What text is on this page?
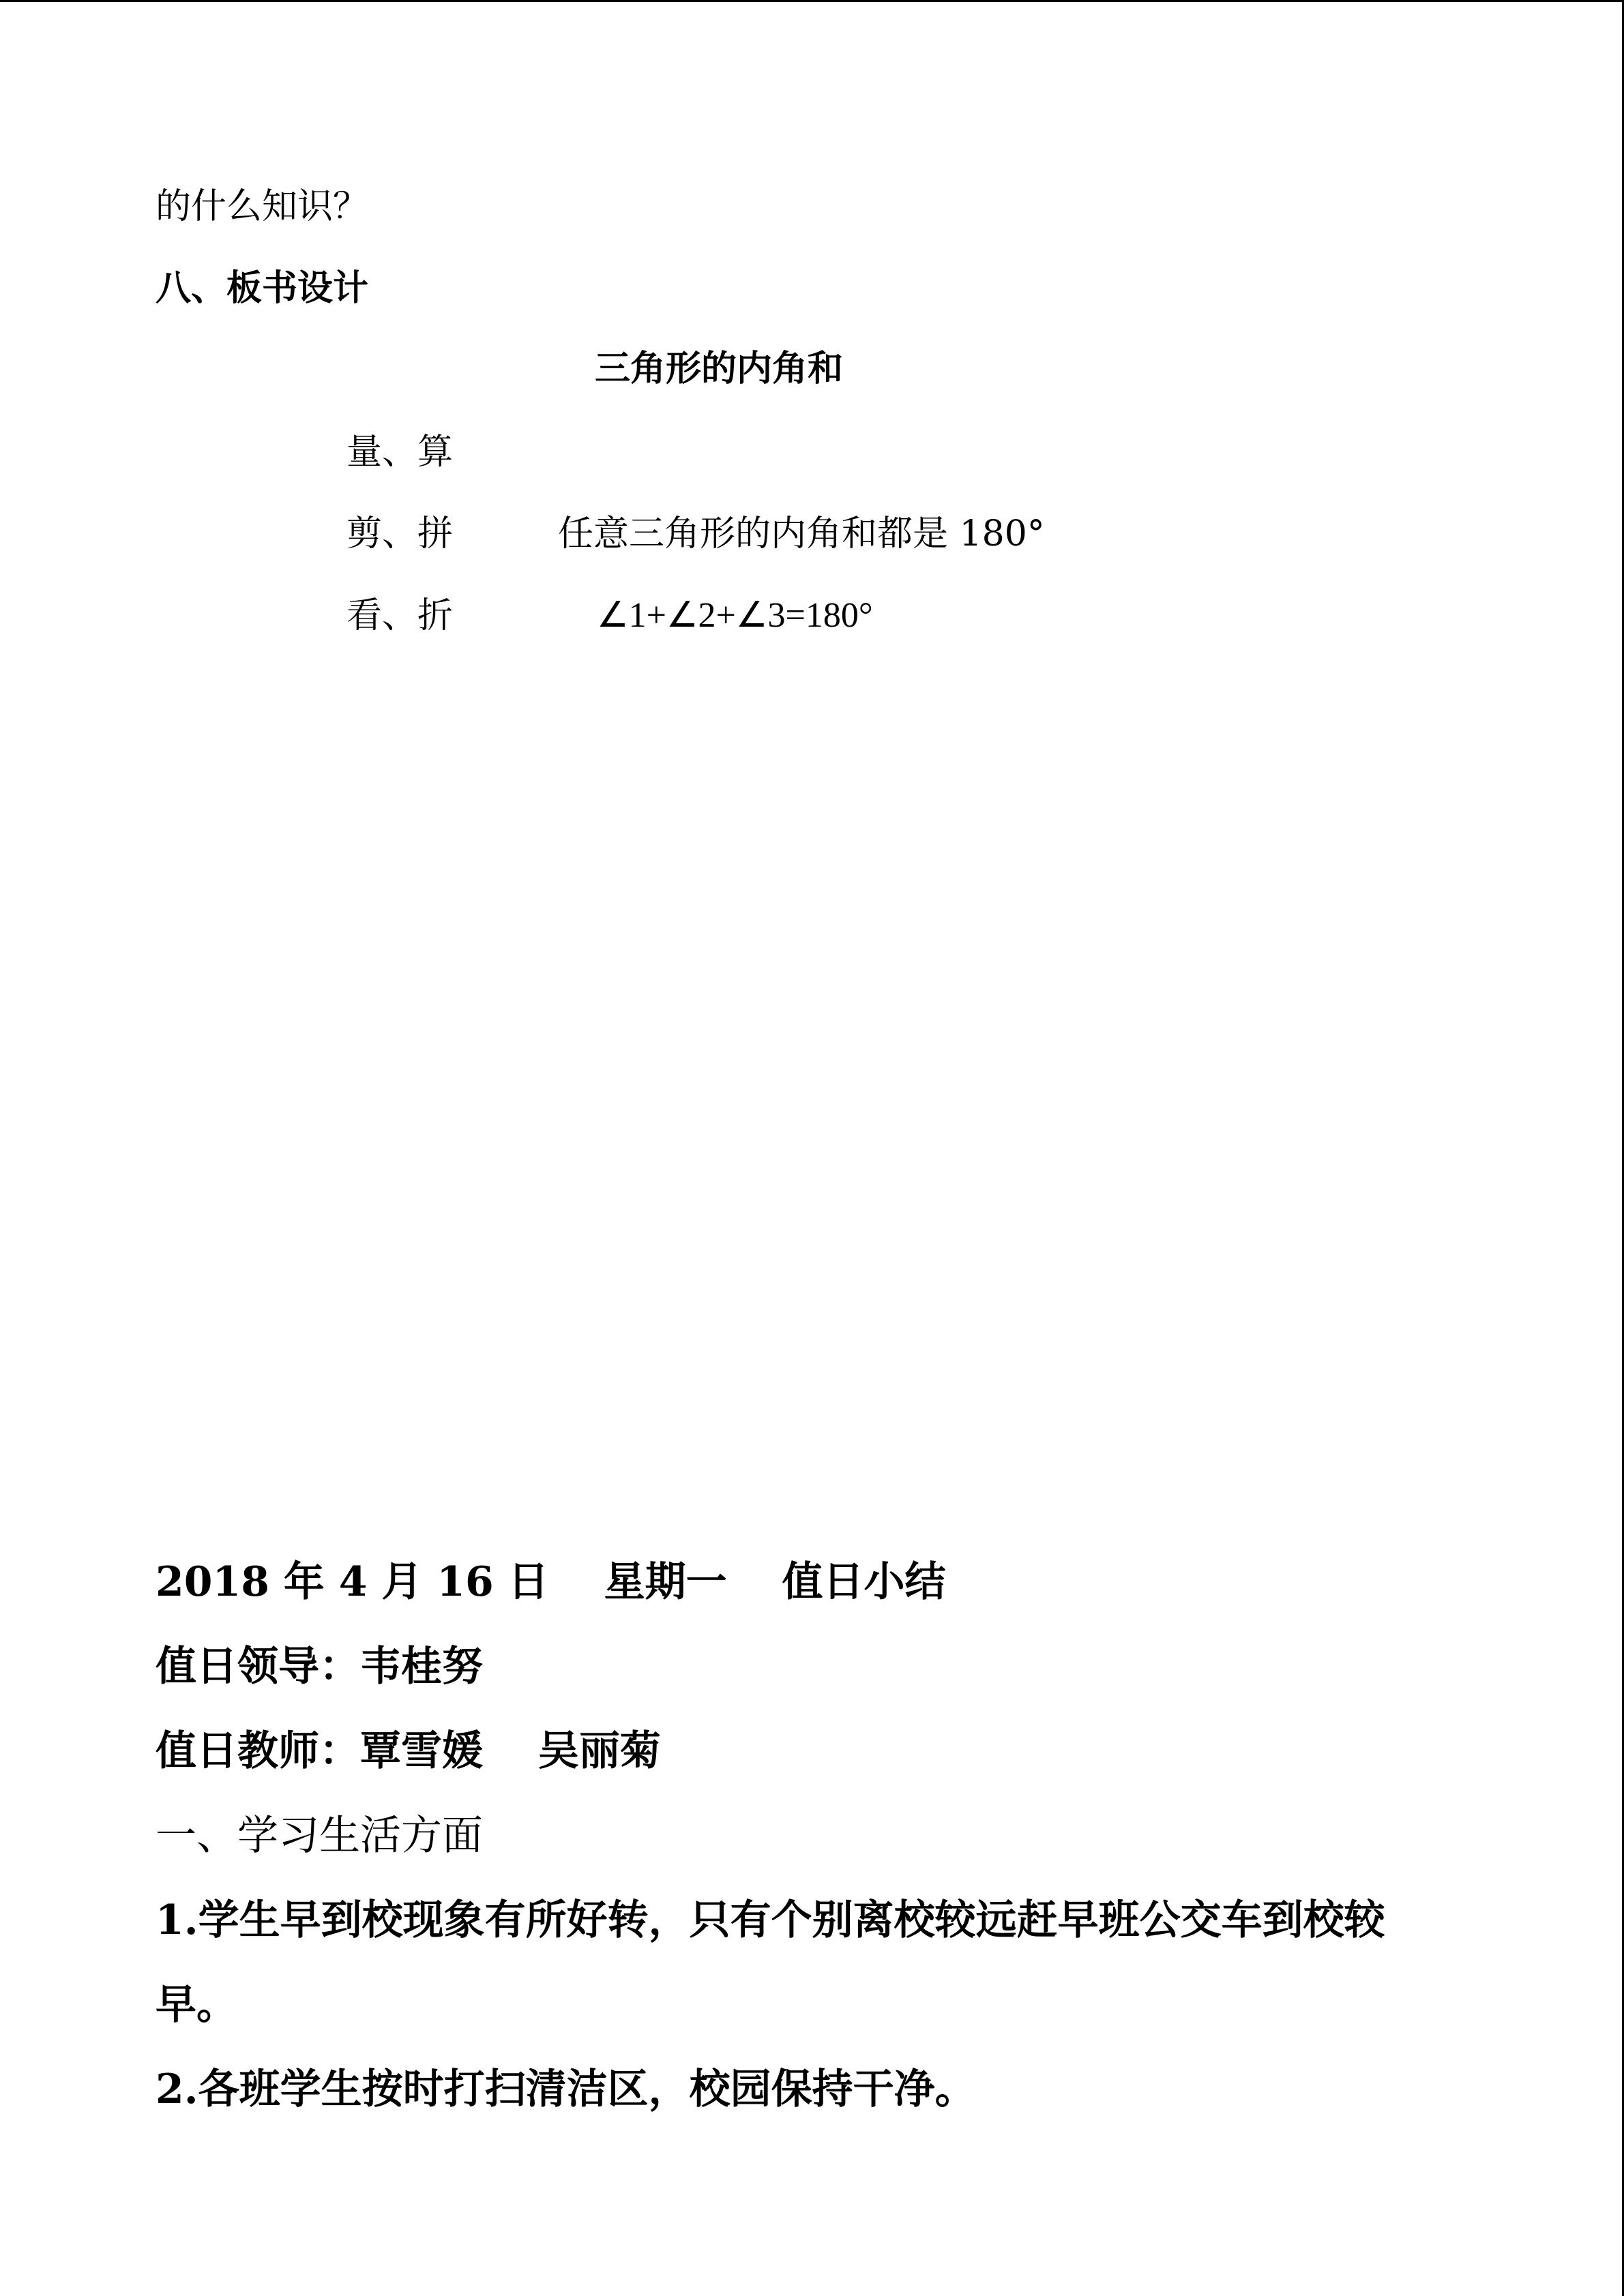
的什么知识？
八、板书设计
三角形的内角和
量、算
剪、拼	任意三角形的内角和都是 180°
看、折	∠1+∠2+∠3=180°
2018 年 4 月 16 日　 星期一　 值日小结
值日领导：韦桂努
值日教师：覃雪媛　 吴丽菊
一、学习生活方面
1.学生早到校现象有所好转，只有个别离校较远赶早班公交车到校较
早。
2.各班学生按时打扫清洁区，校园保持干净。
